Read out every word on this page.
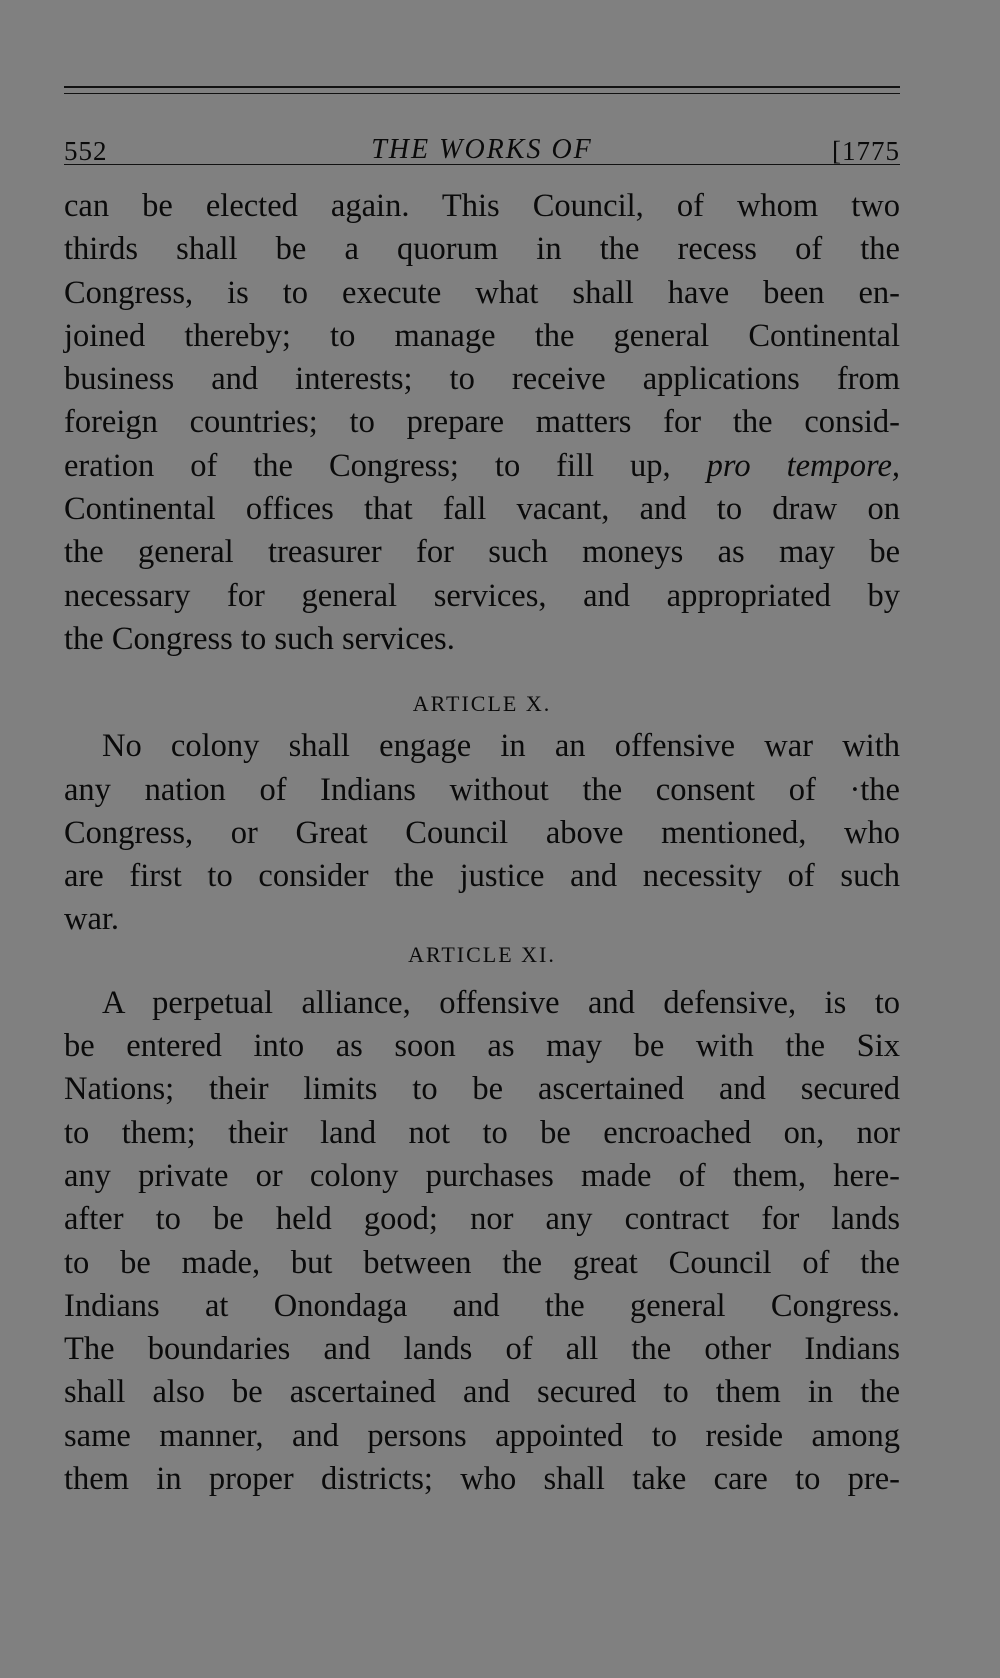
552	THE WORKS OF	[1775
can be elected again. This Council, of whom two
thirds shall be a quorum in the recess of the
Congress, is to execute what shall have been en-
joined thereby; to manage the general Continental
business and interests; to receive applications from
foreign countries; to prepare matters for the consid-
eration of the Congress; to fill up, pro tempore,
Continental offices that fall vacant, and to draw on
the general treasurer for such moneys as may be
necessary for general services, and appropriated by
the Congress to such services.
ARTICLE X.
No colony shall engage in an offensive war with
any nation of Indians without the consent of ·the
Congress, or Great Council above mentioned, who
are first to consider the justice and necessity of such
war.
ARTICLE XI.
A perpetual alliance, offensive and defensive, is to
be entered into as soon as may be with the Six
Nations; their limits to be ascertained and secured
to them; their land not to be encroached on, nor
any private or colony purchases made of them, here-
after to be held good; nor any contract for lands
to be made, but between the great Council of the
Indians at Onondaga and the general Congress.
The boundaries and lands of all the other Indians
shall also be ascertained and secured to them in the
same manner, and persons appointed to reside among
them in proper districts; who shall take care to pre-
